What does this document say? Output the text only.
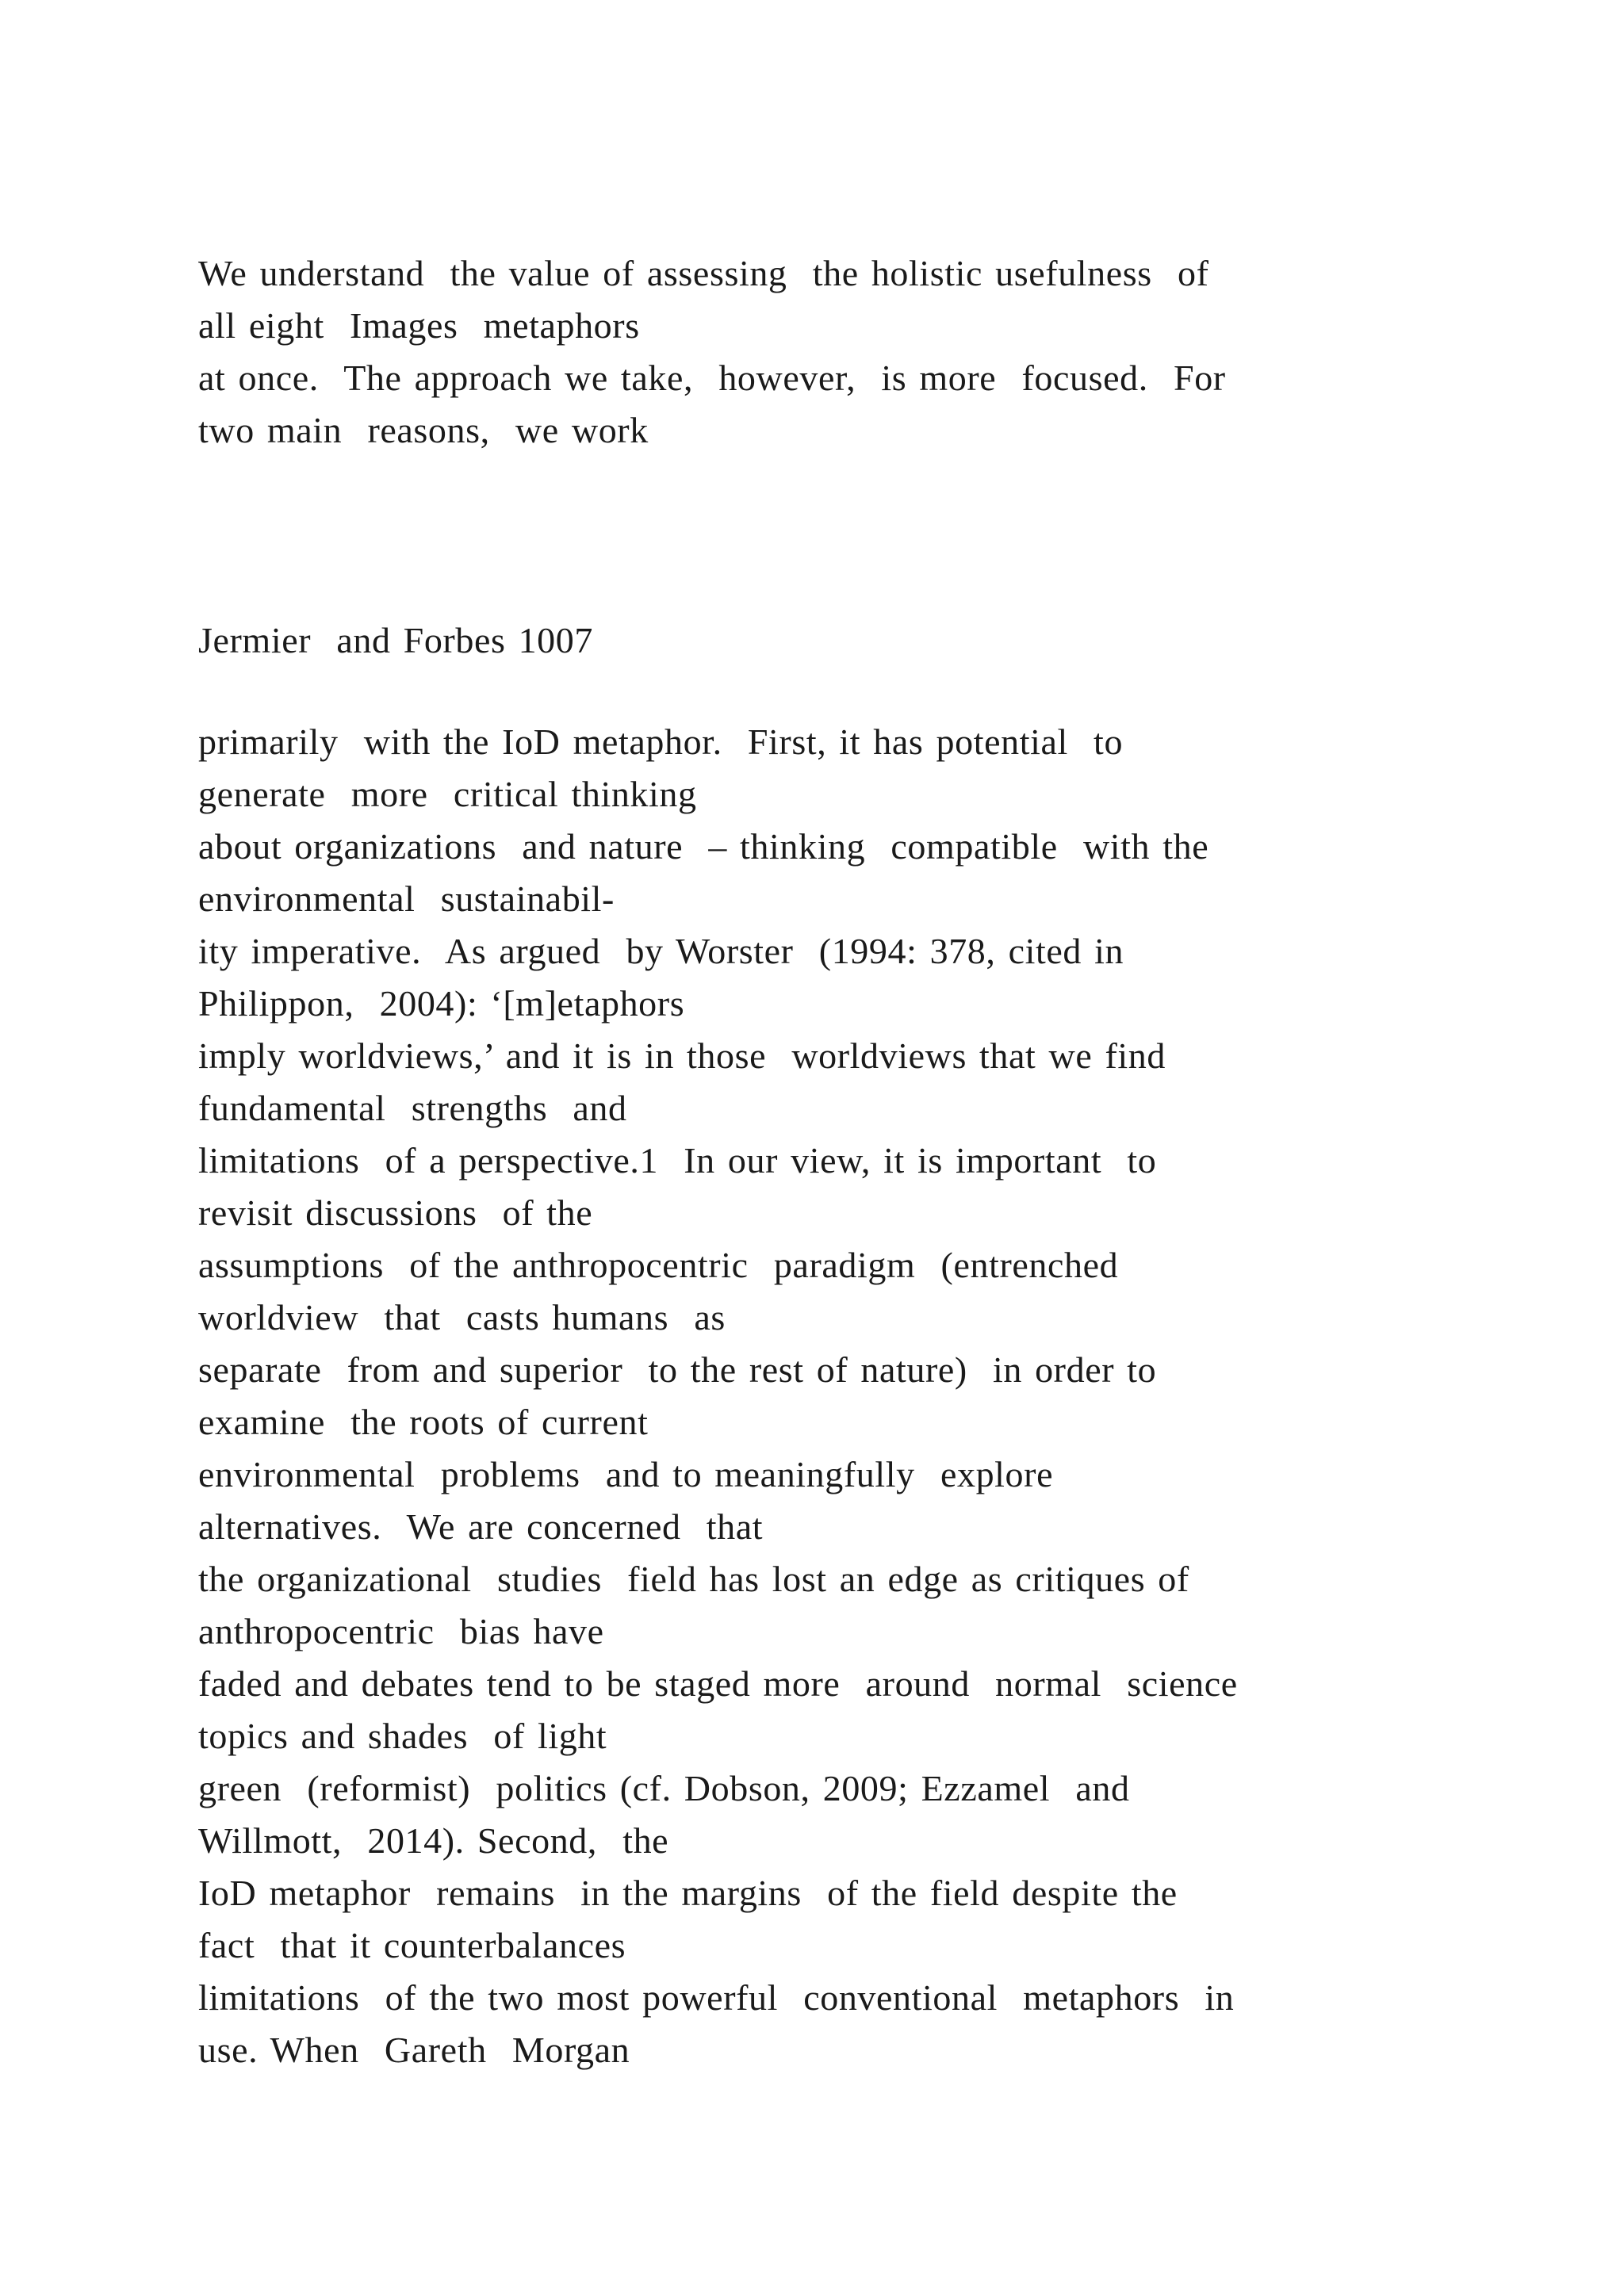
We understand  the value of assessing  the holistic usefulness  of
all eight  Images  metaphors
at once.  The approach we take,  however,  is more  focused.  For
two main  reasons,  we work
Jermier  and Forbes 1007
primarily  with the IoD metaphor.  First, it has potential  to
generate  more  critical thinking
about organizations  and nature  – thinking  compatible  with the
environmental  sustainabil-
ity imperative.  As argued  by Worster  (1994: 378, cited in
Philippon,  2004): ‘[m]etaphors
imply worldviews,’ and it is in those  worldviews that we find
fundamental  strengths  and
limitations  of a perspective.1  In our view, it is important  to
revisit discussions  of the
assumptions  of the anthropocentric  paradigm  (entrenched
worldview  that  casts humans  as
separate  from and superior  to the rest of nature)  in order to
examine  the roots of current
environmental  problems  and to meaningfully  explore
alternatives.  We are concerned  that
the organizational  studies  field has lost an edge as critiques of
anthropocentric  bias have
faded and debates tend to be staged more  around  normal  science
topics and shades  of light
green  (reformist)  politics (cf. Dobson, 2009; Ezzamel  and
Willmott,  2014). Second,  the
IoD metaphor  remains  in the margins  of the field despite the
fact  that it counterbalances
limitations  of the two most powerful  conventional  metaphors  in
use. When  Gareth  Morgan
